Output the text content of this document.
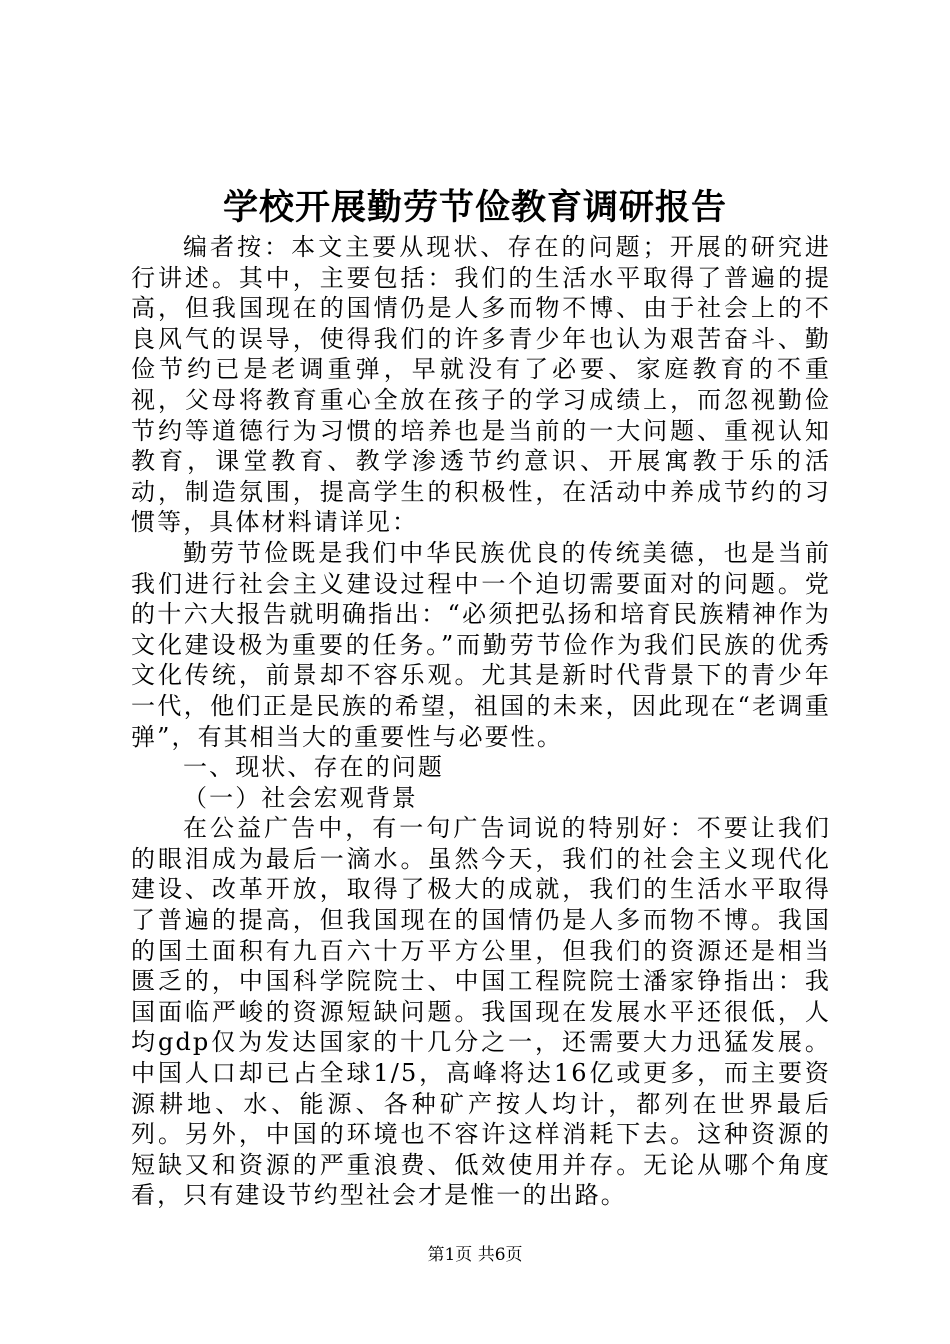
学校开展勤劳节俭教育调研报告

编者按：本文主要从现状、存在的问题；开展的研究进行讲述。其中，主要包括：我们的生活水平取得了普遍的提高，但我国现在的国情仍是人多而物不博、由于社会上的不良风气的误导，使得我们的许多青少年也认为艰苦奋斗、勤俭节约已是老调重弹，早就没有了必要、家庭教育的不重视，父母将教育重心全放在孩子的学习成绩上，而忽视勤俭节约等道德行为习惯的培养也是当前的一大问题、重视认知教育，课堂教育、教学渗透节约意识、开展寓教于乐的活动，制造氛围，提高学生的积极性，在活动中养成节约的习惯等，具体材料请详见：

勤劳节俭既是我们中华民族优良的传统美德，也是当前我们进行社会主义建设过程中一个迫切需要面对的问题。党的十六大报告就明确指出：“必须把弘扬和培育民族精神作为文化建设极为重要的任务。”而勤劳节俭作为我们民族的优秀文化传统，前景却不容乐观。尤其是新时代背景下的青少年一代，他们正是民族的希望，祖国的未来，因此现在“老调重弹”，有其相当大的重要性与必要性。

一、现状、存在的问题

（一）社会宏观背景

在公益广告中，有一句广告词说的特别好：不要让我们的眼泪成为最后一滴水。虽然今天，我们的社会主义现代化建设、改革开放，取得了极大的成就，我们的生活水平取得了普遍的提高，但我国现在的国情仍是人多而物不博。我国的国土面积有九百六十万平方公里，但我们的资源还是相当匮乏的，中国科学院院士、中国工程院院士潘家铮指出：我国面临严峻的资源短缺问题。我国现在发展水平还很低，人均gdp仅为发达国家的十几分之一，还需要大力迅猛发展。中国人口却已占全球1/5，高峰将达16亿或更多，而主要资源耕地、水、能源、各种矿产按人均计，都列在世界最后列。另外，中国的环境也不容许这样消耗下去。这种资源的短缺又和资源的严重浪费、低效使用并存。无论从哪个角度看，只有建设节约型社会才是惟一的出路。

第1页 共6页
